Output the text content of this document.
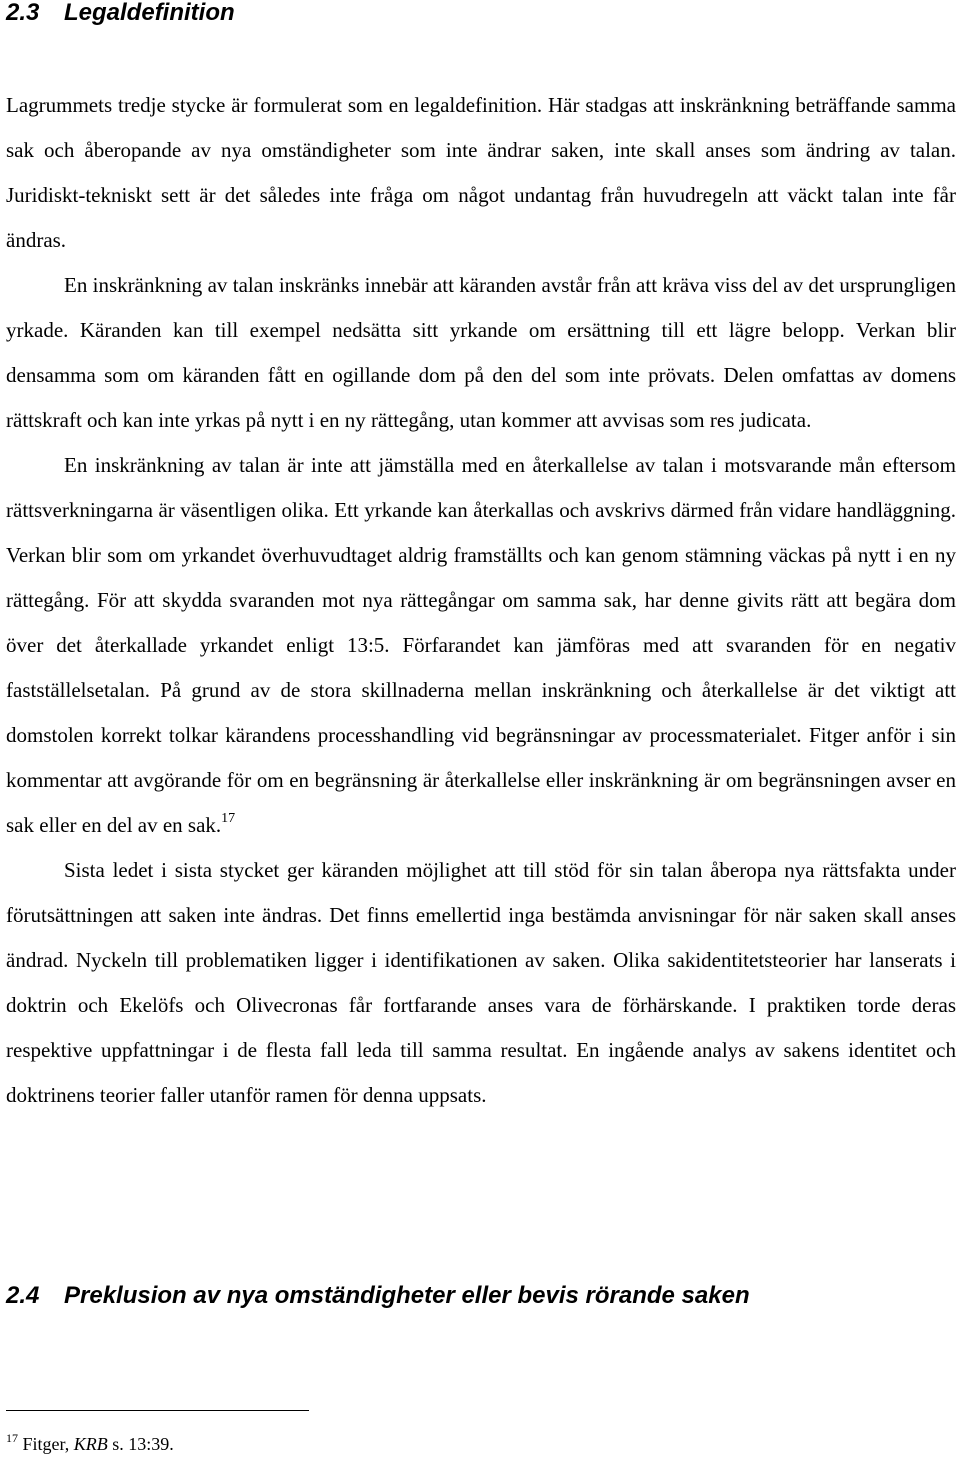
2.3 Legaldefinition

Lagrummets tredje stycke är formulerat som en legaldefinition. Här stadgas att inskränkning beträffande samma sak och åberopande av nya omständigheter som inte ändrar saken, inte skall anses som ändring av talan. Juridiskt-tekniskt sett är det således inte fråga om något undantag från huvudregeln att väckt talan inte får ändras.

En inskränkning av talan inskränks innebär att käranden avstår från att kräva viss del av det ursprungligen yrkade. Käranden kan till exempel nedsätta sitt yrkande om ersättning till ett lägre belopp. Verkan blir densamma som om käranden fått en ogillande dom på den del som inte prövats. Delen omfattas av domens rättskraft och kan inte yrkas på nytt i en ny rättegång, utan kommer att avvisas som res judicata.

En inskränkning av talan är inte att jämställa med en återkallelse av talan i motsvarande mån eftersom rättsverkningarna är väsentligen olika. Ett yrkande kan återkallas och avskrivs därmed från vidare handläggning. Verkan blir som om yrkandet överhuvudtaget aldrig framställts och kan genom stämning väckas på nytt i en ny rättegång. För att skydda svaranden mot nya rättegångar om samma sak, har denne givits rätt att begära dom över det återkallade yrkandet enligt 13:5. Förfarandet kan jämföras med att svaranden för en negativ fastställelsetalan. På grund av de stora skillnaderna mellan inskränkning och återkallelse är det viktigt att domstolen korrekt tolkar kärandens processhandling vid begränsningar av processmaterialet. Fitger anför i sin kommentar att avgörande för om en begränsning är återkallelse eller inskränkning är om begränsningen avser en sak eller en del av en sak.$^{17}$

Sista ledet i sista stycket ger käranden möjlighet att till stöd för sin talan åberopa nya rättsfakta under förutsättningen att saken inte ändras. Det finns emellertid inga bestämda anvisningar för när saken skall anses ändrad. Nyckeln till problematiken ligger i identifikationen av saken. Olika sakidentitetsteorier har lanserats i doktrin och Ekelöfs och Olivecronas får fortfarande anses vara de förhärskande. I praktiken torde deras respektive uppfattningar i de flesta fall leda till samma resultat. En ingående analys av sakens identitet och doktrinens teorier faller utanför ramen för denna uppsats.

2.4 Preklusion av nya omständigheter eller bevis rörande saken
$^{17}$ Fitger, KRB s. 13:39.
